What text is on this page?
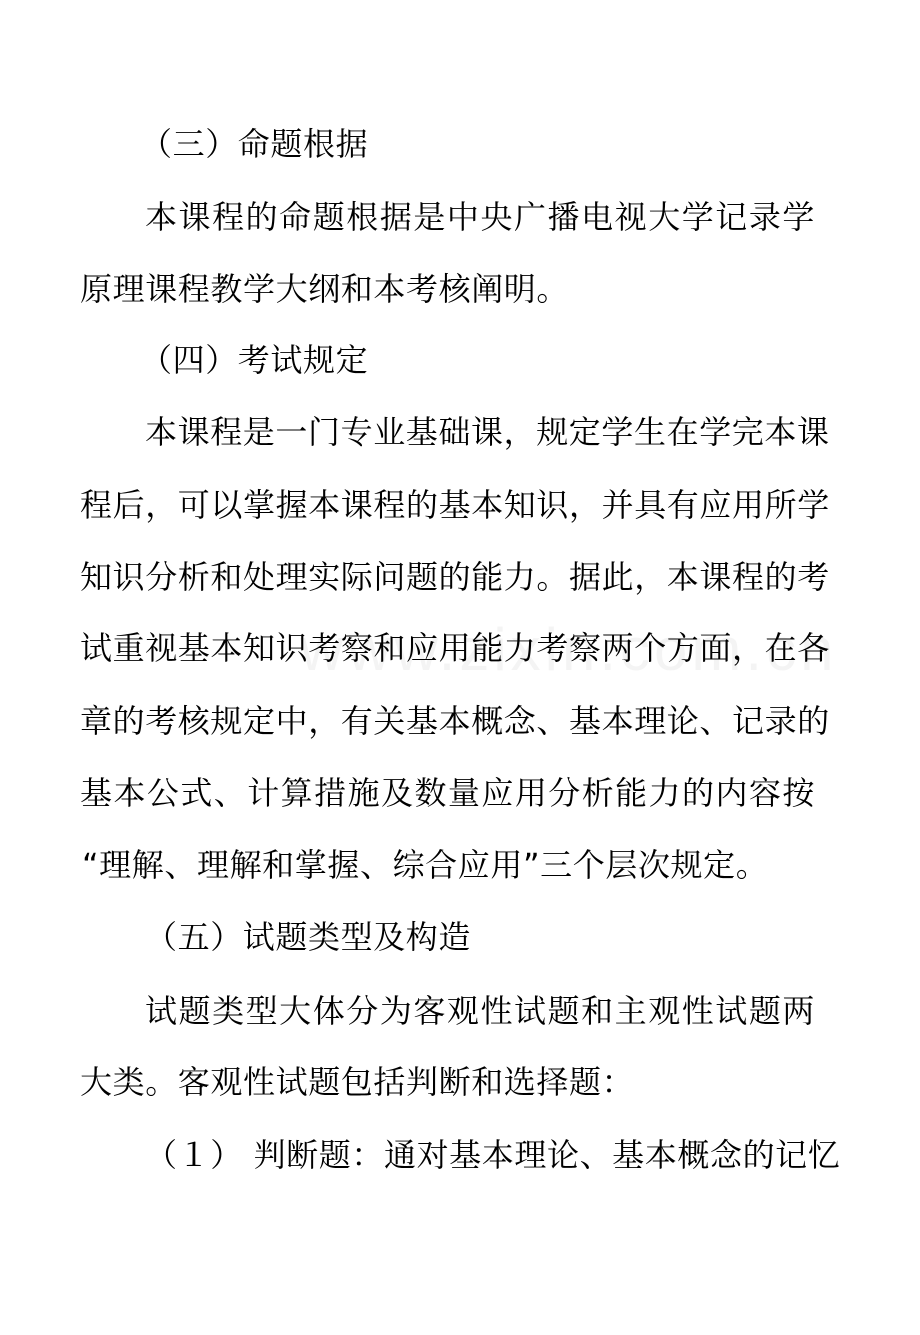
（三）命题根据
本课程的命题根据是中央广播电视大学记录学
原理课程教学大纲和本考核阐明。
（四）考试规定
本课程是一门专业基础课，规定学生在学完本课
程后，可以掌握本课程的基本知识，并具有应用所学
知识分析和处理实际问题的能力。据此，本课程的考
试重视基本知识考察和应用能力考察两个方面，在各
章的考核规定中，有关基本概念、基本理论、记录的
基本公式、计算措施及数量应用分析能力的内容按
“理解、理解和掌握、综合应用”三个层次规定。
（五）试题类型及构造
试题类型大体分为客观性试题和主观性试题两
大类。客观性试题包括判断和选择题：
（１） 判断题：通对基本理论、基本概念的记忆
